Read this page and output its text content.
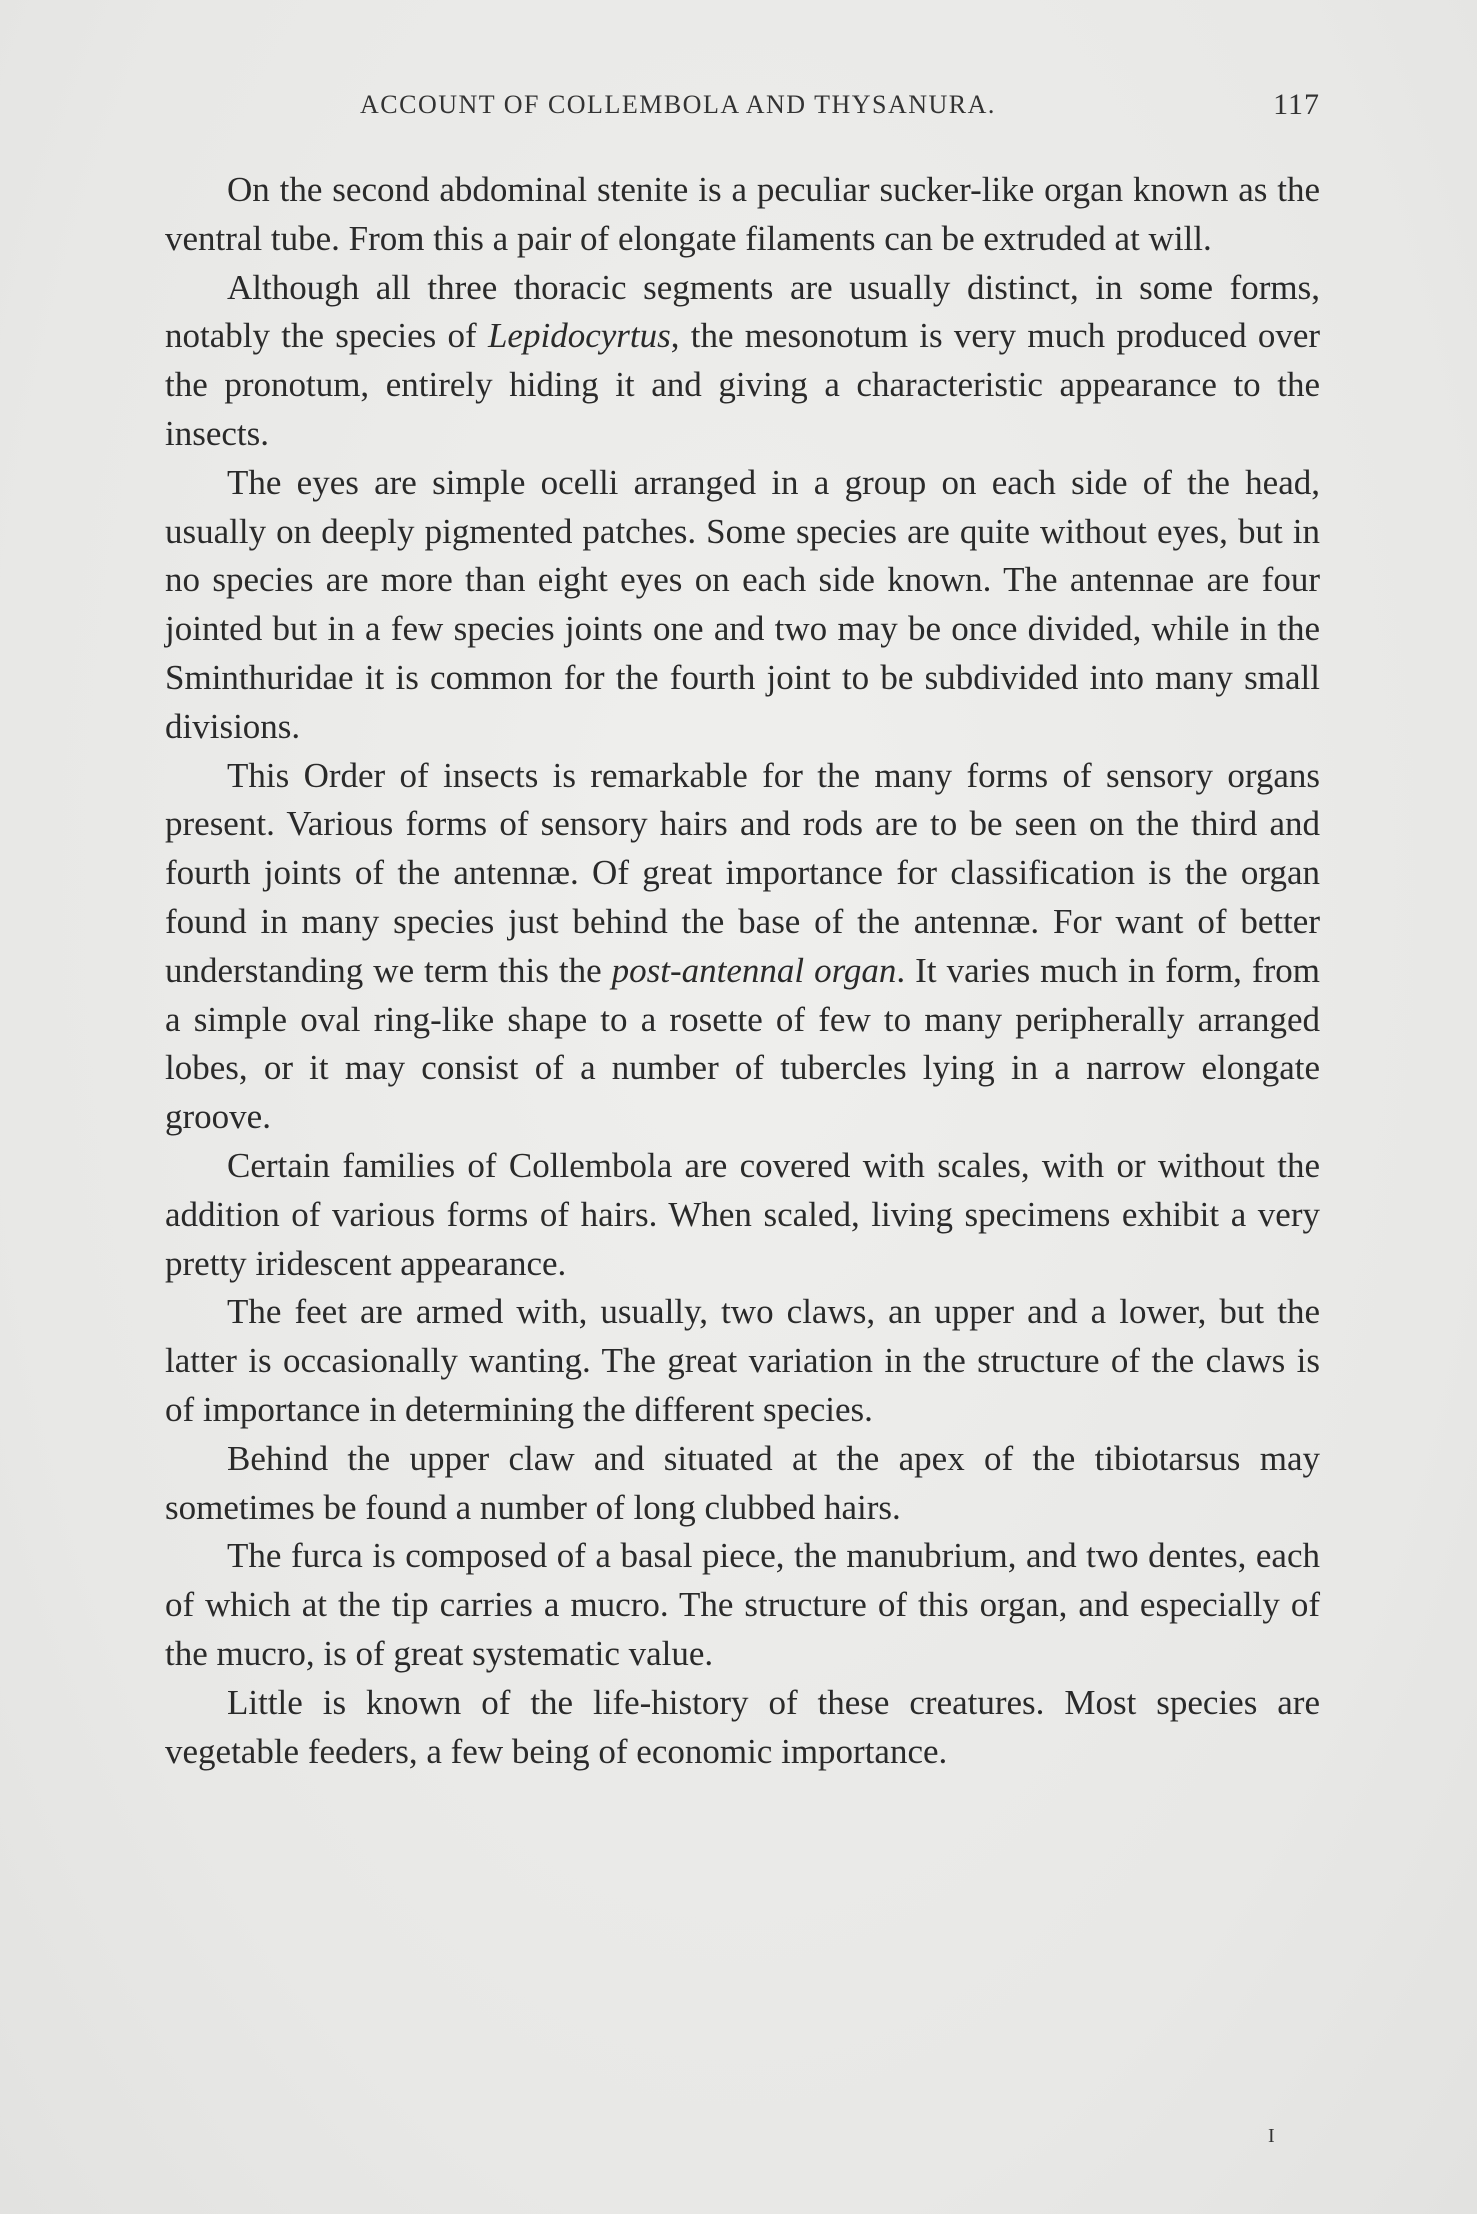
ACCOUNT OF COLLEMBOLA AND THYSANURA.	117

On the second abdominal stenite is a peculiar sucker-like organ known as the ventral tube. From this a pair of elongate filaments can be extruded at will.

Although all three thoracic segments are usually distinct, in some forms, notably the species of Lepidocyrtus, the mesonotum is very much produced over the pronotum, entirely hiding it and giving a characteristic appearance to the insects.

The eyes are simple ocelli arranged in a group on each side of the head, usually on deeply pigmented patches. Some species are quite without eyes, but in no species are more than eight eyes on each side known. The antennae are four jointed but in a few species joints one and two may be once divided, while in the Sminthuridae it is common for the fourth joint to be subdivided into many small divisions.

This Order of insects is remarkable for the many forms of sensory organs present. Various forms of sensory hairs and rods are to be seen on the third and fourth joints of the antennæ. Of great importance for classification is the organ found in many species just behind the base of the antennæ. For want of better understanding we term this the post-antennal organ. It varies much in form, from a simple oval ring-like shape to a rosette of few to many peripherally arranged lobes, or it may consist of a number of tubercles lying in a narrow elongate groove.

Certain families of Collembola are covered with scales, with or without the addition of various forms of hairs. When scaled, living specimens exhibit a very pretty iridescent appearance.

The feet are armed with, usually, two claws, an upper and a lower, but the latter is occasionally wanting. The great variation in the structure of the claws is of importance in determining the different species.

Behind the upper claw and situated at the apex of the tibiotarsus may sometimes be found a number of long clubbed hairs.

The furca is composed of a basal piece, the manubrium, and two dentes, each of which at the tip carries a mucro. The structure of this organ, and especially of the mucro, is of great systematic value.

Little is known of the life-history of these creatures. Most species are vegetable feeders, a few being of economic importance.

I
